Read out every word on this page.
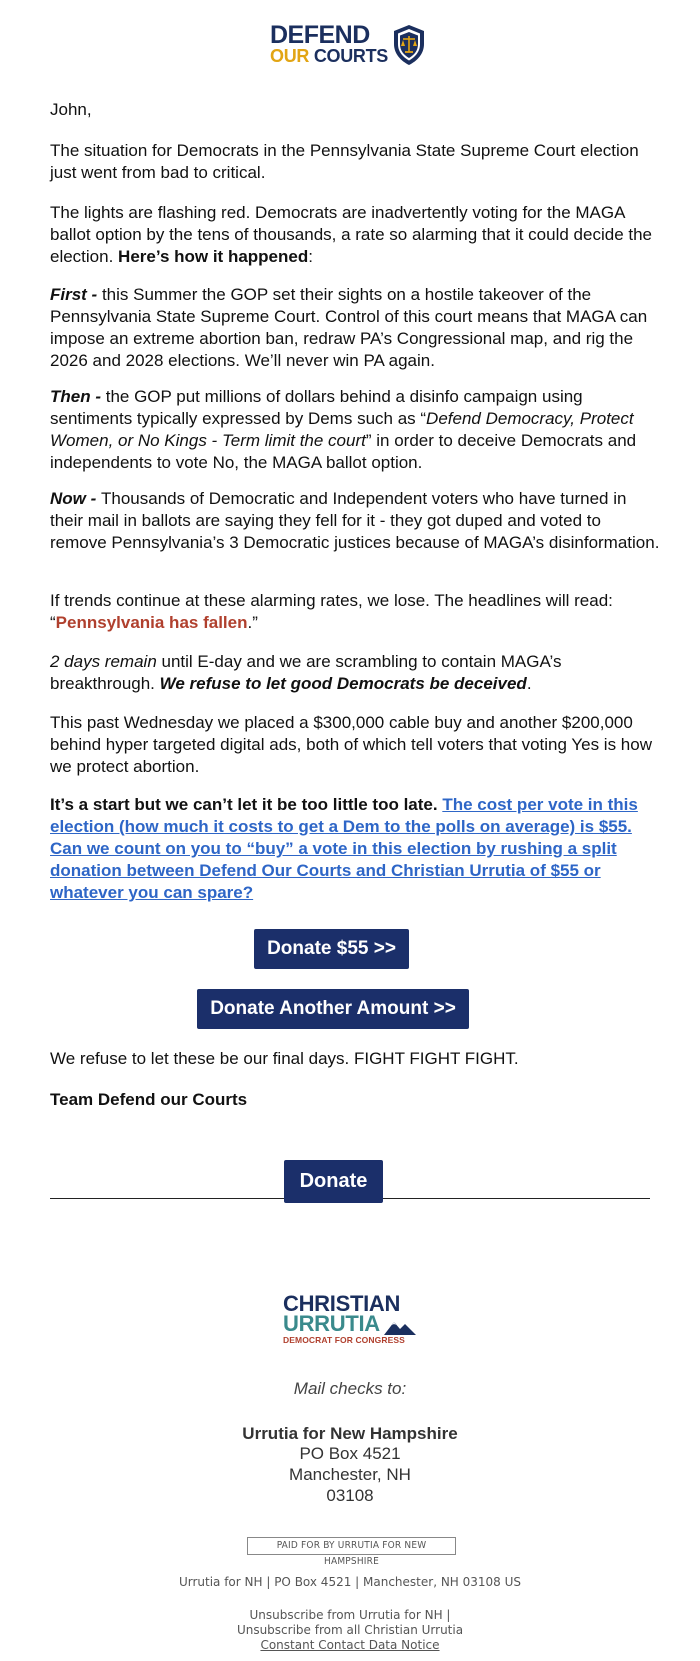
DEFEND
OUR COURTS
John,
The situation for Democrats in the Pennsylvania State Supreme Court election just went from bad to critical.
The lights are flashing red. Democrats are inadvertently voting for the MAGA ballot option by the tens of thousands, a rate so alarming that it could decide the election. Here’s how it happened:
First - this Summer the GOP set their sights on a hostile takeover of the Pennsylvania State Supreme Court. Control of this court means that MAGA can impose an extreme abortion ban, redraw PA’s Congressional map, and rig the 2026 and 2028 elections. We’ll never win PA again.
Then - the GOP put millions of dollars behind a disinfo campaign using sentiments typically expressed by Dems such as “Defend Democracy, Protect Women, or No Kings - Term limit the court” in order to deceive Democrats and independents to vote No, the MAGA ballot option.
Now - Thousands of Democratic and Independent voters who have turned in their mail in ballots are saying they fell for it - they got duped and voted to remove Pennsylvania’s 3 Democratic justices because of MAGA’s disinformation.
If trends continue at these alarming rates, we lose. The headlines will read: “Pennsylvania has fallen.”
2 days remain until E-day and we are scrambling to contain MAGA’s breakthrough. We refuse to let good Democrats be deceived.
This past Wednesday we placed a $300,000 cable buy and another $200,000 behind hyper targeted digital ads, both of which tell voters that voting Yes is how we protect abortion.
It’s a start but we can’t let it be too little too late. The cost per vote in this election (how much it costs to get a Dem to the polls on average) is $55. Can we count on you to “buy” a vote in this election by rushing a split donation between Defend Our Courts and Christian Urrutia of $55 or whatever you can spare?
Donate $55 >>
Donate Another Amount >>
We refuse to let these be our final days. FIGHT FIGHT FIGHT.
Team Defend our Courts
Donate
CHRISTIAN
URRUTIA
DEMOCRAT FOR CONGRESS
Mail checks to:
Urrutia for New Hampshire
PO Box 4521
Manchester, NH
03108
PAID FOR BY URRUTIA FOR NEW HAMPSHIRE
Urrutia for NH | PO Box 4521 | Manchester, NH 03108 US
Unsubscribe from Urrutia for NH |
Unsubscribe from all Christian Urrutia
Constant Contact Data Notice
